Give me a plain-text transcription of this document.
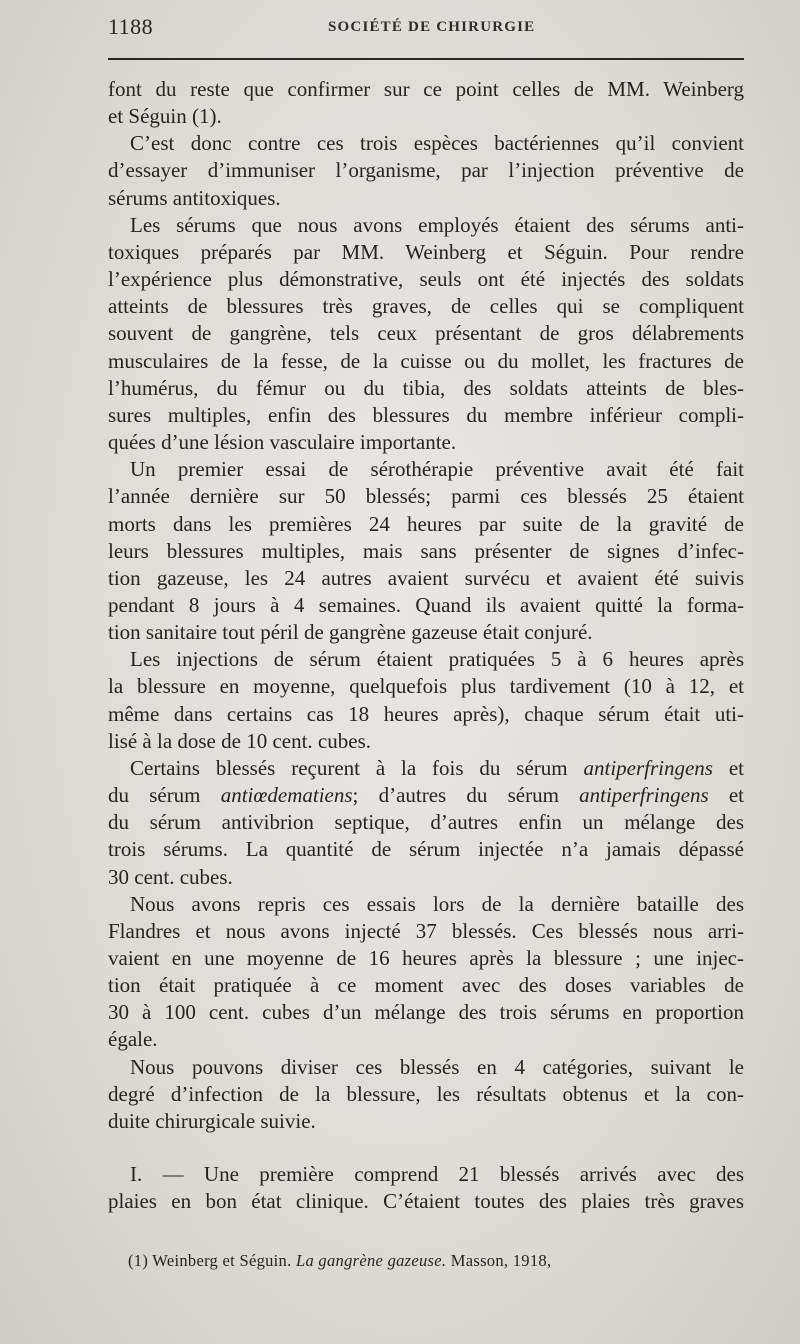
1188	SOCIÉTÉ DE CHIRURGIE
font du reste que confirmer sur ce point celles de MM. Weinberg
et Séguin (1).
C’est donc contre ces trois espèces bactériennes qu’il convient
d’essayer d’immuniser l’organisme, par l’injection préventive de
sérums antitoxiques.
Les sérums que nous avons employés étaient des sérums anti-
toxiques préparés par MM. Weinberg et Séguin. Pour rendre
l’expérience plus démonstrative, seuls ont été injectés des soldats
atteints de blessures très graves, de celles qui se compliquent
souvent de gangrène, tels ceux présentant de gros délabrements
musculaires de la fesse, de la cuisse ou du mollet, les fractures de
l’humérus, du fémur ou du tibia, des soldats atteints de bles-
sures multiples, enfin des blessures du membre inférieur compli-
quées d’une lésion vasculaire importante.
Un premier essai de sérothérapie préventive avait été fait
l’année dernière sur 50 blessés; parmi ces blessés 25 étaient
morts dans les premières 24 heures par suite de la gravité de
leurs blessures multiples, mais sans présenter de signes d’infec-
tion gazeuse, les 24 autres avaient survécu et avaient été suivis
pendant 8 jours à 4 semaines. Quand ils avaient quitté la forma-
tion sanitaire tout péril de gangrène gazeuse était conjuré.
Les injections de sérum étaient pratiquées 5 à 6 heures après
la blessure en moyenne, quelquefois plus tardivement (10 à 12, et
même dans certains cas 18 heures après), chaque sérum était uti-
lisé à la dose de 10 cent. cubes.
Certains blessés reçurent à la fois du sérum antiperfringens et
du sérum antiœdematiens; d’autres du sérum antiperfringens et
du sérum antivibrion septique, d’autres enfin un mélange des
trois sérums. La quantité de sérum injectée n’a jamais dépassé
30 cent. cubes.
Nous avons repris ces essais lors de la dernière bataille des
Flandres et nous avons injecté 37 blessés. Ces blessés nous arri-
vaient en une moyenne de 16 heures après la blessure ; une injec-
tion était pratiquée à ce moment avec des doses variables de
30 à 100 cent. cubes d’un mélange des trois sérums en proportion
égale.
Nous pouvons diviser ces blessés en 4 catégories, suivant le
degré d’infection de la blessure, les résultats obtenus et la con-
duite chirurgicale suivie.
I. — Une première comprend 21 blessés arrivés avec des
plaies en bon état clinique. C’étaient toutes des plaies très graves
(1) Weinberg et Séguin. La gangrène gazeuse. Masson, 1918,
